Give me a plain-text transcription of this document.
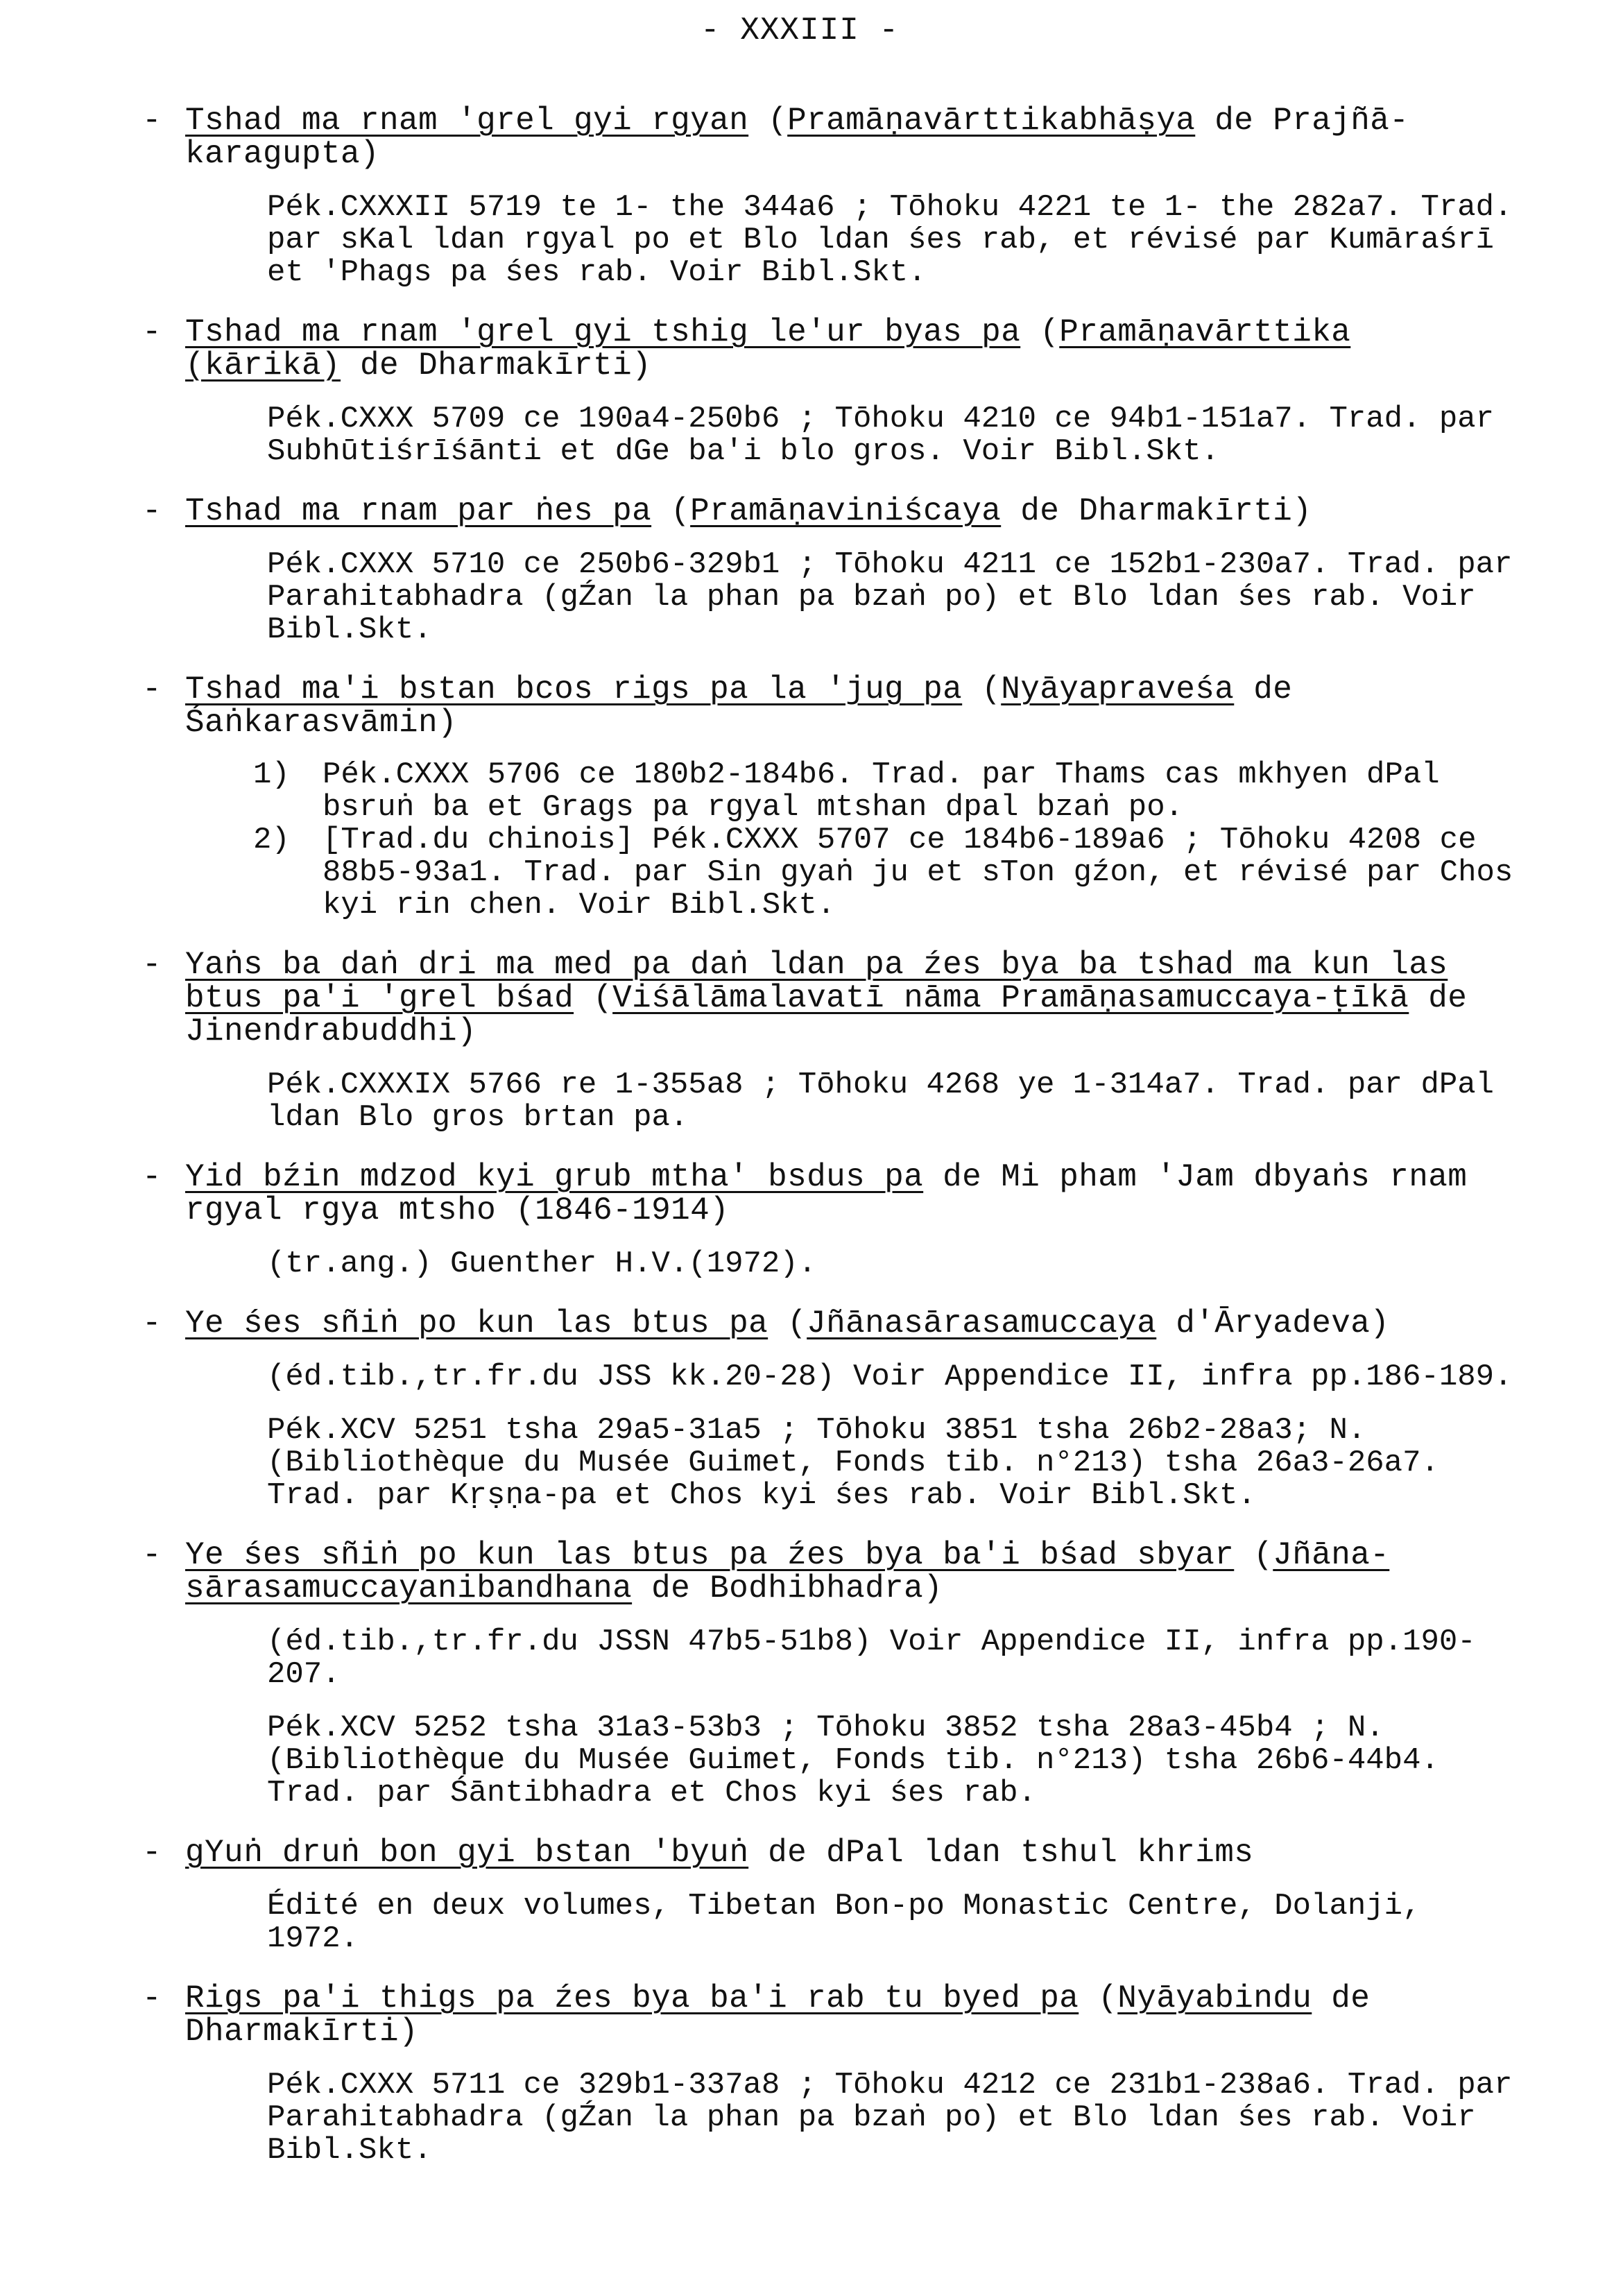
- XXXIII -
- Tshad ma rnam 'grel gyi rgyan (Pramāṇavārttikabhāṣya de Prajñā-karagupta)
Pék.CXXXII 5719 te 1- the 344a6 ; Tōhoku 4221 te 1- the 282a7. Trad. par sKal ldan rgyal po et Blo ldan śes rab, et révisé par Kumāraśrī et 'Phags pa śes rab. Voir Bibl.Skt.
- Tshad ma rnam 'grel gyi tshig le'ur byas pa (Pramāṇavārttika (kārikā) de Dharmakīrti)
Pék.CXXX 5709 ce 190a4-250b6 ; Tōhoku 4210 ce 94b1-151a7. Trad. par Subhūtiśrīśānti et dGe ba'i blo gros. Voir Bibl.Skt.
- Tshad ma rnam par ṅes pa (Pramāṇaviniścaya de Dharmakīrti)
Pék.CXXX 5710 ce 250b6-329b1 ; Tōhoku 4211 ce 152b1-230a7. Trad. par Parahitabhadra (gŹan la phan pa bzaṅ po) et Blo ldan śes rab. Voir Bibl.Skt.
- Tshad ma'i bstan bcos rigs pa la 'jug pa (Nyāyapraveśa de Śaṅkarasvāmin)
1) Pék.CXXX 5706 ce 180b2-184b6. Trad. par Thams cas mkhyen dPal bsruṅ ba et Grags pa rgyal mtshan dpal bzaṅ po.
2) [Trad.du chinois] Pék.CXXX 5707 ce 184b6-189a6 ; Tōhoku 4208 ce 88b5-93a1. Trad. par Sin gyaṅ ju et sTon gźon, et révisé par Chos kyi rin chen. Voir Bibl.Skt.
- Yaṅs ba daṅ dri ma med pa daṅ ldan pa źes bya ba tshad ma kun las btus pa'i 'grel bśad (Viśālāmalavatī nāma Pramāṇasamuccaya-ṭīkā de Jinendrabuddhi)
Pék.CXXXIX 5766 re 1-355a8 ; Tōhoku 4268 ye 1-314a7. Trad. par dPal ldan Blo gros brtan pa.
- Yid bźin mdzod kyi grub mtha' bsdus pa de Mi pham 'Jam dbyaṅs rnam rgyal rgya mtsho (1846-1914)
(tr.ang.) Guenther H.V.(1972).
- Ye śes sñiṅ po kun las btus pa (Jñānasārasamuccaya d'Āryadeva)
(éd.tib.,tr.fr.du JSS kk.20-28) Voir Appendice II, infra pp.186-189.
Pék.XCV 5251 tsha 29a5-31a5 ; Tōhoku 3851 tsha 26b2-28a3; N.(Bibliothèque du Musée Guimet, Fonds tib. n°213) tsha 26a3-26a7. Trad. par Kṛṣṇa-pa et Chos kyi śes rab. Voir Bibl.Skt.
- Ye śes sñiṅ po kun las btus pa źes bya ba'i bśad sbyar (Jñāna-sārasamuccayanibandhana de Bodhibhadra)
(éd.tib.,tr.fr.du JSSN 47b5-51b8) Voir Appendice II, infra pp.190-207.
Pék.XCV 5252 tsha 31a3-53b3 ; Tōhoku 3852 tsha 28a3-45b4 ; N.(Bibliothèque du Musée Guimet, Fonds tib. n°213) tsha 26b6-44b4. Trad. par Śāntibhadra et Chos kyi śes rab.
- gYuṅ druṅ bon gyi bstan 'byuṅ de dPal ldan tshul khrims
Édité en deux volumes, Tibetan Bon-po Monastic Centre, Dolanji, 1972.
- Rigs pa'i thigs pa źes bya ba'i rab tu byed pa (Nyāyabindu de Dharmakīrti)
Pék.CXXX 5711 ce 329b1-337a8 ; Tōhoku 4212 ce 231b1-238a6. Trad. par Parahitabhadra (gŹan la phan pa bzaṅ po) et Blo ldan śes rab. Voir Bibl.Skt.
